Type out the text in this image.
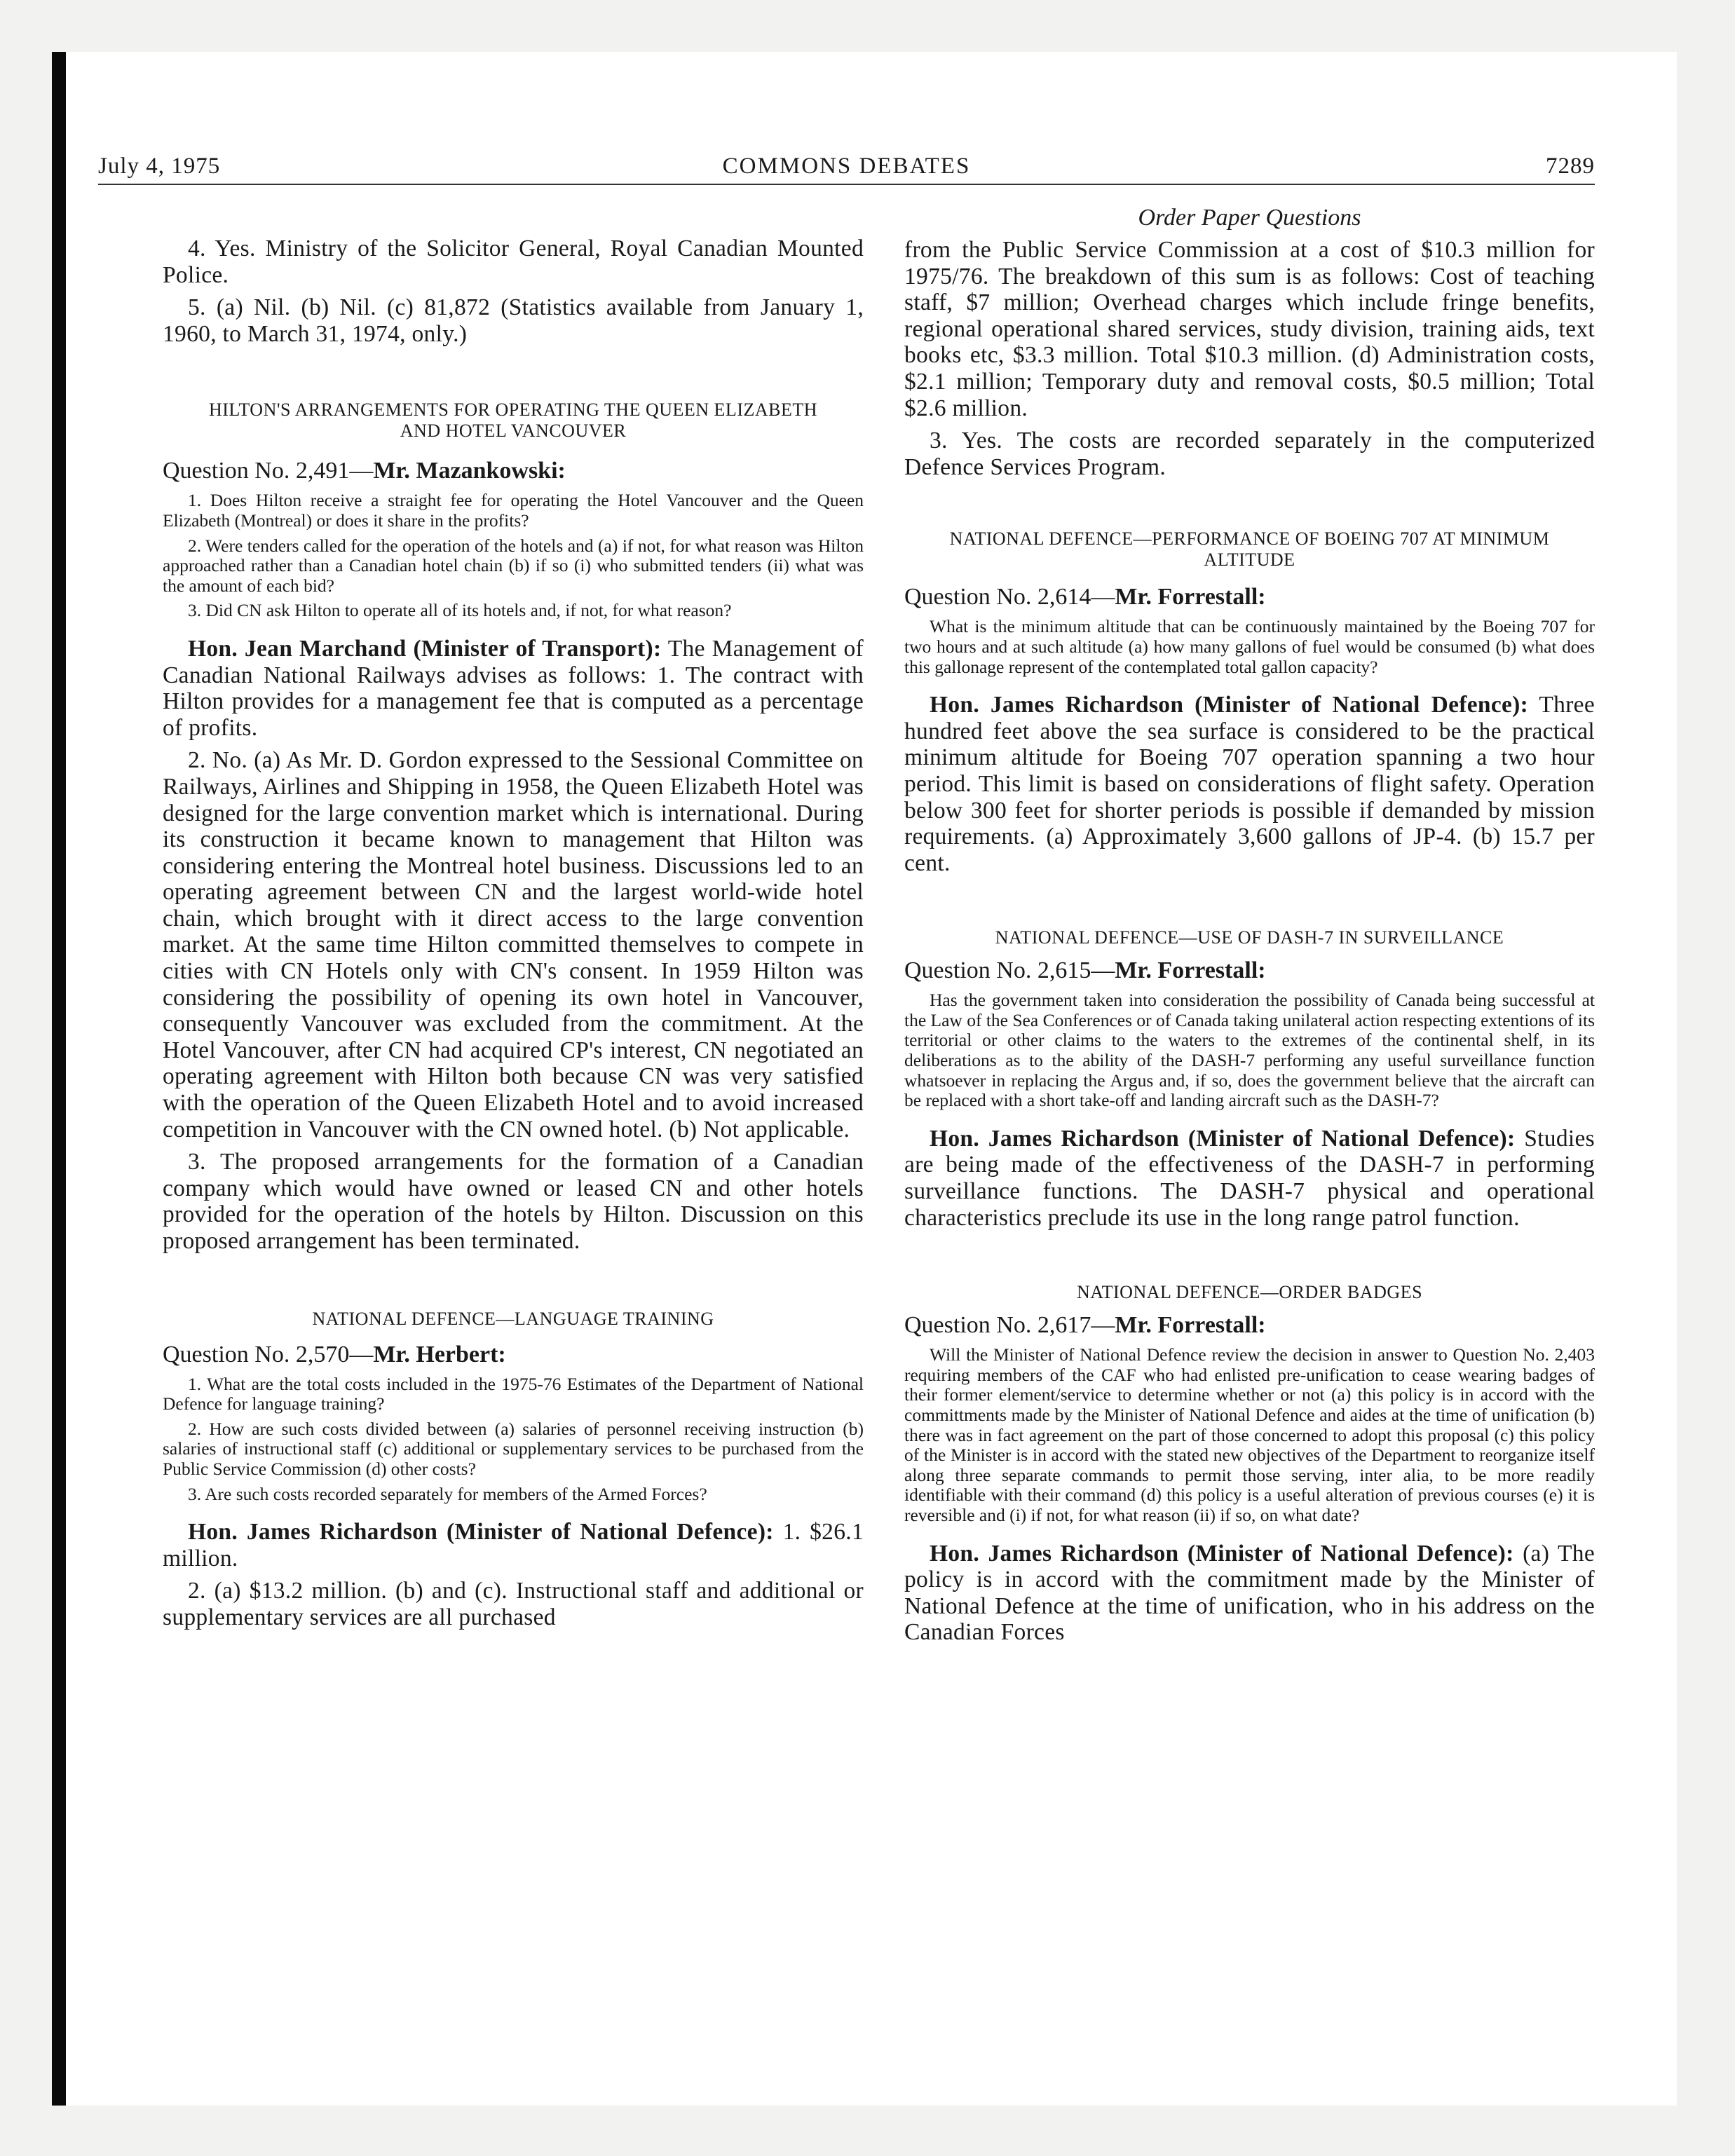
July 4, 1975	COMMONS DEBATES	7289
Order Paper Questions

4. Yes. Ministry of the Solicitor General, Royal Canadian Mounted Police.

5. (a) Nil. (b) Nil. (c) 81,872 (Statistics available from January 1, 1960, to March 31, 1974, only.)

HILTON'S ARRANGEMENTS FOR OPERATING THE QUEEN ELIZABETH AND HOTEL VANCOUVER
Question No. 2,491—Mr. Mazankowski:

1. Does Hilton receive a straight fee for operating the Hotel Vancouver and the Queen Elizabeth (Montreal) or does it share in the profits?

2. Were tenders called for the operation of the hotels and (a) if not, for what reason was Hilton approached rather than a Canadian hotel chain (b) if so (i) who submitted tenders (ii) what was the amount of each bid?

3. Did CN ask Hilton to operate all of its hotels and, if not, for what reason?

Hon. Jean Marchand (Minister of Transport): The Management of Canadian National Railways advises as follows: 1. The contract with Hilton provides for a management fee that is computed as a percentage of profits.

2. No. (a) As Mr. D. Gordon expressed to the Sessional Committee on Railways, Airlines and Shipping in 1958, the Queen Elizabeth Hotel was designed for the large convention market which is international. During its construction it became known to management that Hilton was considering entering the Montreal hotel business. Discussions led to an operating agreement between CN and the largest world-wide hotel chain, which brought with it direct access to the large convention market. At the same time Hilton committed themselves to compete in cities with CN Hotels only with CN's consent. In 1959 Hilton was considering the possibility of opening its own hotel in Vancouver, consequently Vancouver was excluded from the commitment. At the Hotel Vancouver, after CN had acquired CP's interest, CN negotiated an operating agreement with Hilton both because CN was very satisfied with the operation of the Queen Elizabeth Hotel and to avoid increased competition in Vancouver with the CN owned hotel. (b) Not applicable.

3. The proposed arrangements for the formation of a Canadian company which would have owned or leased CN and other hotels provided for the operation of the hotels by Hilton. Discussion on this proposed arrangement has been terminated.

NATIONAL DEFENCE—LANGUAGE TRAINING
Question No. 2,570—Mr. Herbert:

1. What are the total costs included in the 1975-76 Estimates of the Department of National Defence for language training?

2. How are such costs divided between (a) salaries of personnel receiving instruction (b) salaries of instructional staff (c) additional or supplementary services to be purchased from the Public Service Commission (d) other costs?

3. Are such costs recorded separately for members of the Armed Forces?

Hon. James Richardson (Minister of National Defence): 1. $26.1 million.

2. (a) $13.2 million. (b) and (c). Instructional staff and additional or supplementary services are all purchased

from the Public Service Commission at a cost of $10.3 million for 1975/76. The breakdown of this sum is as follows: Cost of teaching staff, $7 million; Overhead charges which include fringe benefits, regional operational shared services, study division, training aids, text books etc, $3.3 million. Total $10.3 million. (d) Administration costs, $2.1 million; Temporary duty and removal costs, $0.5 million; Total $2.6 million.

3. Yes. The costs are recorded separately in the computerized Defence Services Program.

NATIONAL DEFENCE—PERFORMANCE OF BOEING 707 AT MINIMUM ALTITUDE
Question No. 2,614—Mr. Forrestall:

What is the minimum altitude that can be continuously maintained by the Boeing 707 for two hours and at such altitude (a) how many gallons of fuel would be consumed (b) what does this gallonage represent of the contemplated total gallon capacity?

Hon. James Richardson (Minister of National Defence): Three hundred feet above the sea surface is considered to be the practical minimum altitude for Boeing 707 operation spanning a two hour period. This limit is based on considerations of flight safety. Operation below 300 feet for shorter periods is possible if demanded by mission requirements. (a) Approximately 3,600 gallons of JP-4. (b) 15.7 per cent.

NATIONAL DEFENCE—USE OF DASH-7 IN SURVEILLANCE
Question No. 2,615—Mr. Forrestall:

Has the government taken into consideration the possibility of Canada being successful at the Law of the Sea Conferences or of Canada taking unilateral action respecting extentions of its territorial or other claims to the waters to the extremes of the continental shelf, in its deliberations as to the ability of the DASH-7 performing any useful surveillance function whatsoever in replacing the Argus and, if so, does the government believe that the aircraft can be replaced with a short take-off and landing aircraft such as the DASH-7?

Hon. James Richardson (Minister of National Defence): Studies are being made of the effectiveness of the DASH-7 in performing surveillance functions. The DASH-7 physical and operational characteristics preclude its use in the long range patrol function.

NATIONAL DEFENCE—ORDER BADGES
Question No. 2,617—Mr. Forrestall:

Will the Minister of National Defence review the decision in answer to Question No. 2,403 requiring members of the CAF who had enlisted pre-unification to cease wearing badges of their former element/service to determine whether or not (a) this policy is in accord with the committments made by the Minister of National Defence and aides at the time of unification (b) there was in fact agreement on the part of those concerned to adopt this proposal (c) this policy of the Minister is in accord with the stated new objectives of the Department to reorganize itself along three separate commands to permit those serving, inter alia, to be more readily identifiable with their command (d) this policy is a useful alteration of previous courses (e) it is reversible and (i) if not, for what reason (ii) if so, on what date?

Hon. James Richardson (Minister of National Defence): (a) The policy is in accord with the commitment made by the Minister of National Defence at the time of unification, who in his address on the Canadian Forces
